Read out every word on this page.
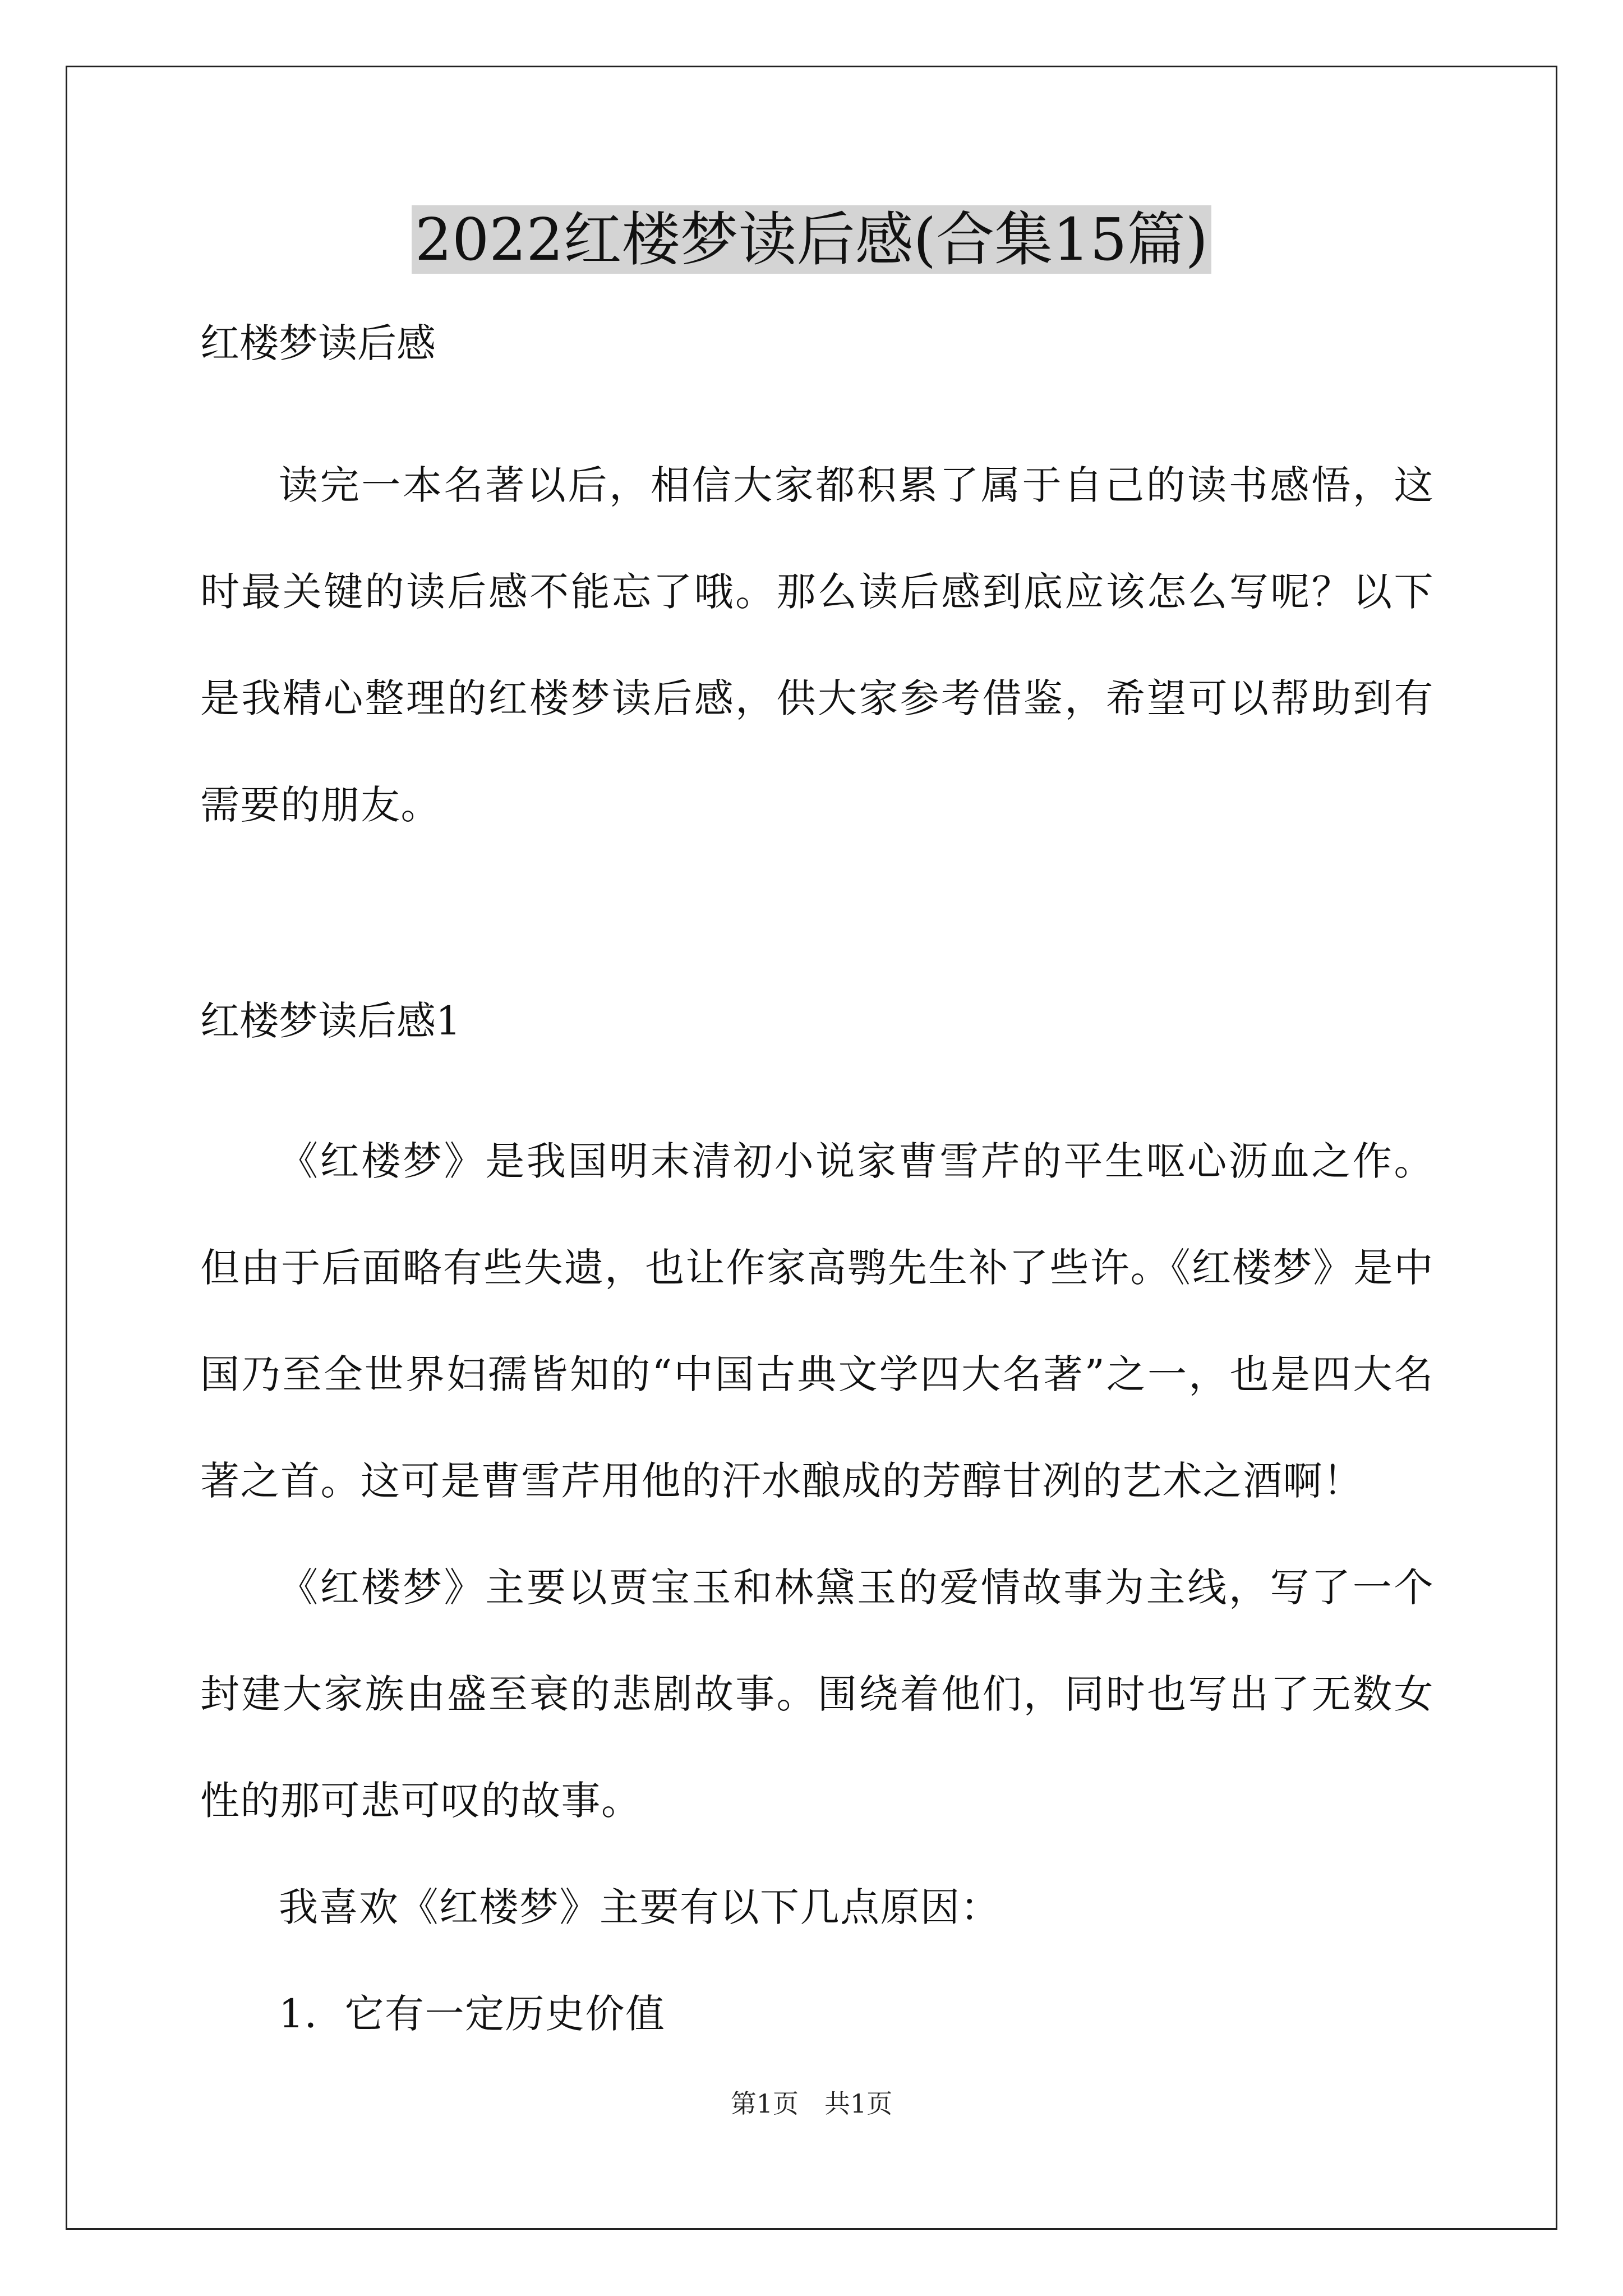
2022红楼梦读后感(合集15篇)
红楼梦读后感
读完一本名著以后，相信大家都积累了属于自己的读书感悟，这时最关键的读后感不能忘了哦。那么读后感到底应该怎么写呢？以下是我精心整理的红楼梦读后感，供大家参考借鉴，希望可以帮助到有需要的朋友。
红楼梦读后感1
《红楼梦》是我国明末清初小说家曹雪芹的平生呕心沥血之作。但由于后面略有些失遗，也让作家高鹗先生补了些许。《红楼梦》是中国乃至全世界妇孺皆知的“中国古典文学四大名著”之一，也是四大名著之首。这可是曹雪芹用他的汗水酿成的芳醇甘冽的艺术之酒啊！
《红楼梦》主要以贾宝玉和林黛玉的爱情故事为主线，写了一个封建大家族由盛至衰的悲剧故事。围绕着他们，同时也写出了无数女性的那可悲可叹的故事。
我喜欢《红楼梦》主要有以下几点原因：
1．它有一定历史价值
第1页　共1页
